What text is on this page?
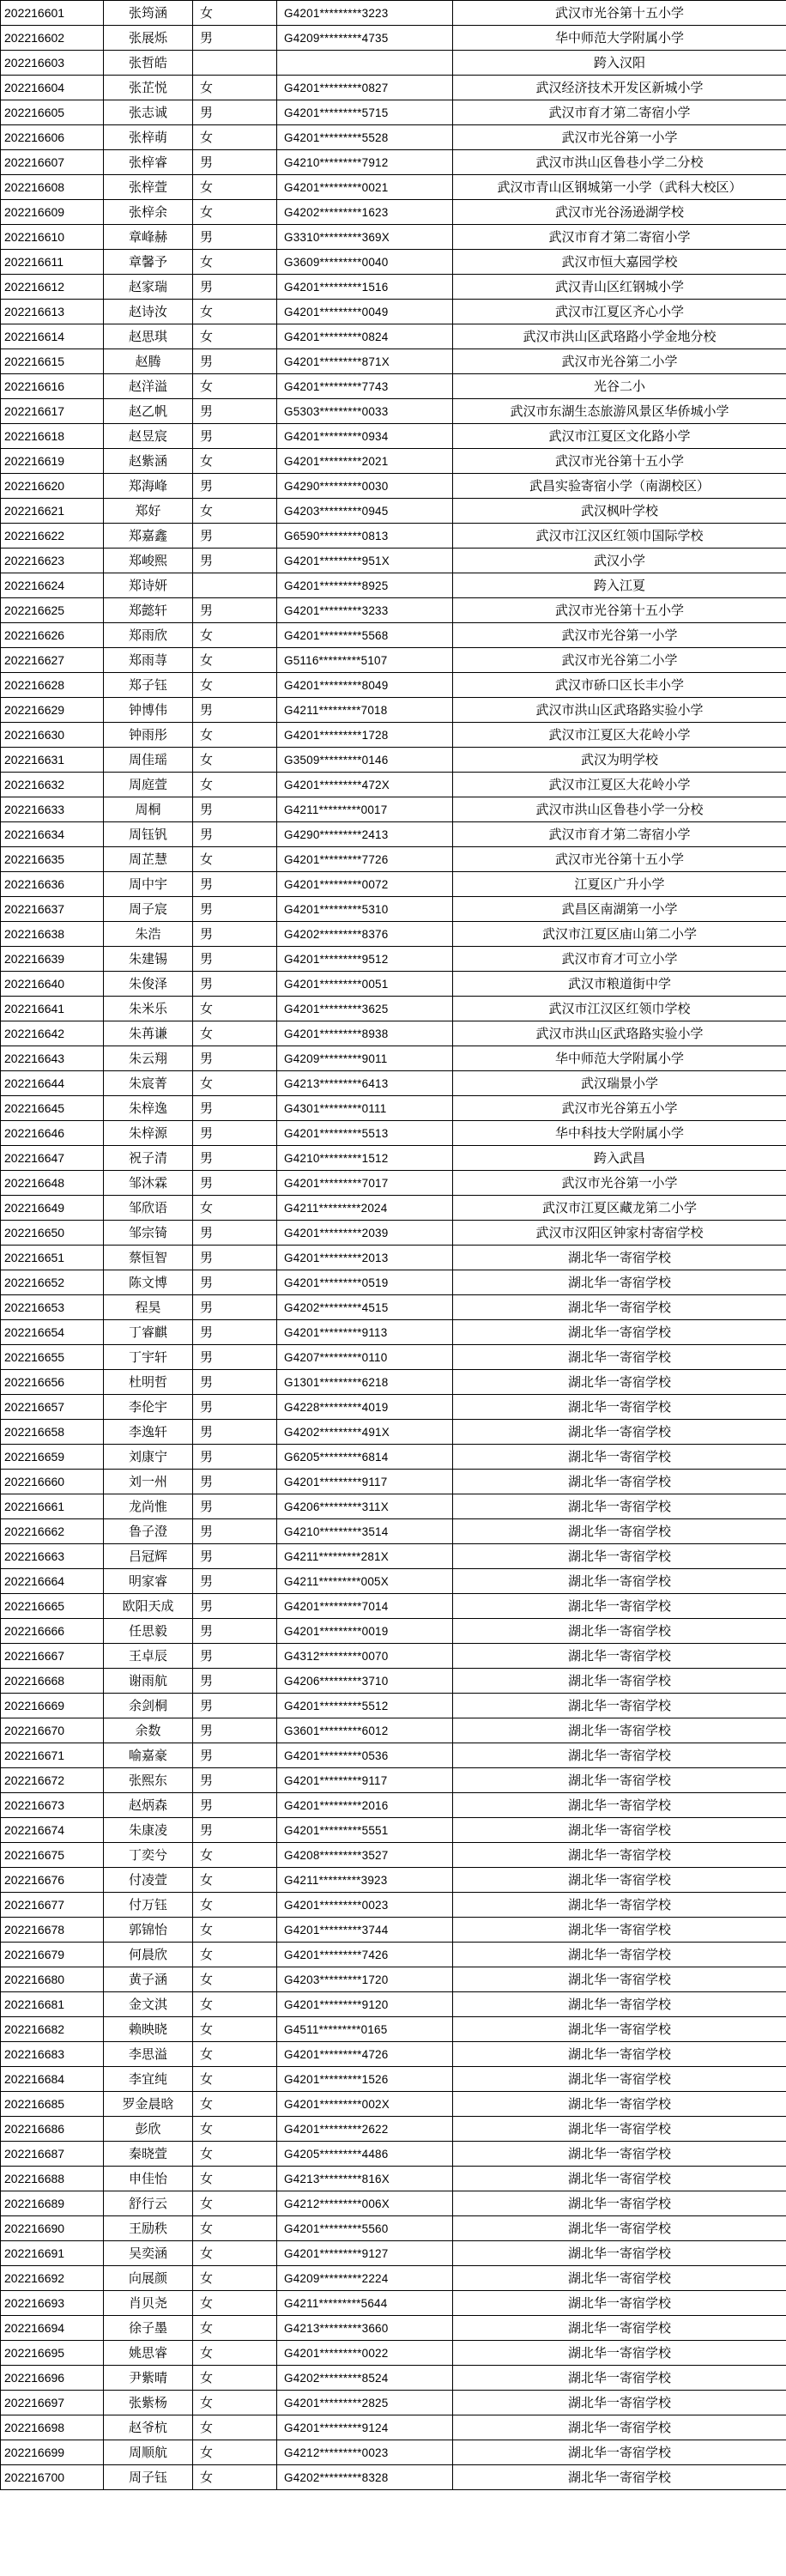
202216601	张筠涵	女	G4201*********3223	武汉市光谷第十五小学
202216602	张展烁	男	G4209*********4735	华中师范大学附属小学
202216603	张哲皓			跨入汉阳
202216604	张芷悦	女	G4201*********0827	武汉经济技术开发区新城小学
202216605	张志诚	男	G4201*********5715	武汉市育才第二寄宿小学
202216606	张梓萌	女	G4201*********5528	武汉市光谷第一小学
202216607	张梓睿	男	G4210*********7912	武汉市洪山区鲁巷小学二分校
202216608	张梓萱	女	G4201*********0021	武汉市青山区钢城第一小学（武科大校区）
202216609	张梓余	女	G4202*********1623	武汉市光谷汤逊湖学校
202216610	章峰赫	男	G3310*********369X	武汉市育才第二寄宿小学
202216611	章馨予	女	G3609*********0040	武汉市恒大嘉园学校
202216612	赵家瑞	男	G4201*********1516	武汉青山区红钢城小学
202216613	赵诗汝	女	G4201*********0049	武汉市江夏区齐心小学
202216614	赵思琪	女	G4201*********0824	武汉市洪山区武珞路小学金地分校
202216615	赵腾	男	G4201*********871X	武汉市光谷第二小学
202216616	赵洋溢	女	G4201*********7743	光谷二小
202216617	赵乙帆	男	G5303*********0033	武汉市东湖生态旅游风景区华侨城小学
202216618	赵昱宸	男	G4201*********0934	武汉市江夏区文化路小学
202216619	赵紫涵	女	G4201*********2021	武汉市光谷第十五小学
202216620	郑海峰	男	G4290*********0030	武昌实验寄宿小学（南湖校区）
202216621	郑好	女	G4203*********0945	武汉枫叶学校
202216622	郑嘉鑫	男	G6590*********0813	武汉市江汉区红领巾国际学校
202216623	郑峻熙	男	G4201*********951X	武汉小学
202216624	郑诗妍		G4201*********8925	跨入江夏
202216625	郑懿轩	男	G4201*********3233	武汉市光谷第十五小学
202216626	郑雨欣	女	G4201*********5568	武汉市光谷第一小学
202216627	郑雨荨	女	G5116*********5107	武汉市光谷第二小学
202216628	郑子钰	女	G4201*********8049	武汉市硚口区长丰小学
202216629	钟博伟	男	G4211*********7018	武汉市洪山区武珞路实验小学
202216630	钟雨彤	女	G4201*********1728	武汉市江夏区大花岭小学
202216631	周佳瑶	女	G3509*********0146	武汉为明学校
202216632	周庭萱	女	G4201*********472X	武汉市江夏区大花岭小学
202216633	周桐	男	G4211*********0017	武汉市洪山区鲁巷小学一分校
202216634	周钰钒	男	G4290*********2413	武汉市育才第二寄宿小学
202216635	周芷慧	女	G4201*********7726	武汉市光谷第十五小学
202216636	周中宇	男	G4201*********0072	江夏区广升小学
202216637	周子宸	男	G4201*********5310	武昌区南湖第一小学
202216638	朱浩	男	G4202*********8376	武汉市江夏区庙山第二小学
202216639	朱建锡	男	G4201*********9512	武汉市育才可立小学
202216640	朱俊泽	男	G4201*********0051	武汉市粮道街中学
202216641	朱米乐	女	G4201*********3625	武汉市江汉区红领巾学校
202216642	朱苒谦	女	G4201*********8938	武汉市洪山区武珞路实验小学
202216643	朱云翔	男	G4209*********9011	华中师范大学附属小学
202216644	朱宸菁	女	G4213*********6413	武汉瑞景小学
202216645	朱梓逸	男	G4301*********0111	武汉市光谷第五小学
202216646	朱梓源	男	G4201*********5513	华中科技大学附属小学
202216647	祝子清	男	G4210*********1512	跨入武昌
202216648	邹沐霖	男	G4201*********7017	武汉市光谷第一小学
202216649	邹欣语	女	G4211*********2024	武汉市江夏区藏龙第二小学
202216650	邹宗锜	男	G4201*********2039	武汉市汉阳区钟家村寄宿学校
202216651	蔡恒智	男	G4201*********2013	湖北华一寄宿学校
202216652	陈文博	男	G4201*********0519	湖北华一寄宿学校
202216653	程昊	男	G4202*********4515	湖北华一寄宿学校
202216654	丁睿麒	男	G4201*********9113	湖北华一寄宿学校
202216655	丁宇轩	男	G4207*********0110	湖北华一寄宿学校
202216656	杜明哲	男	G1301*********6218	湖北华一寄宿学校
202216657	李伦宇	男	G4228*********4019	湖北华一寄宿学校
202216658	李逸轩	男	G4202*********491X	湖北华一寄宿学校
202216659	刘康宁	男	G6205*********6814	湖北华一寄宿学校
202216660	刘一州	男	G4201*********9117	湖北华一寄宿学校
202216661	龙尚惟	男	G4206*********311X	湖北华一寄宿学校
202216662	鲁子澄	男	G4210*********3514	湖北华一寄宿学校
202216663	吕冠辉	男	G4211*********281X	湖北华一寄宿学校
202216664	明家睿	男	G4211*********005X	湖北华一寄宿学校
202216665	欧阳天成	男	G4201*********7014	湖北华一寄宿学校
202216666	任思毅	男	G4201*********0019	湖北华一寄宿学校
202216667	王卓辰	男	G4312*********0070	湖北华一寄宿学校
202216668	谢雨航	男	G4206*********3710	湖北华一寄宿学校
202216669	余剑桐	男	G4201*********5512	湖北华一寄宿学校
202216670	余数	男	G3601*********6012	湖北华一寄宿学校
202216671	喻嘉豪	男	G4201*********0536	湖北华一寄宿学校
202216672	张熙东	男	G4201*********9117	湖北华一寄宿学校
202216673	赵炳森	男	G4201*********2016	湖北华一寄宿学校
202216674	朱康凌	男	G4201*********5551	湖北华一寄宿学校
202216675	丁奕兮	女	G4208*********3527	湖北华一寄宿学校
202216676	付凌萱	女	G4211*********3923	湖北华一寄宿学校
202216677	付万钰	女	G4201*********0023	湖北华一寄宿学校
202216678	郭锦怡	女	G4201*********3744	湖北华一寄宿学校
202216679	何晨欣	女	G4201*********7426	湖北华一寄宿学校
202216680	黄子涵	女	G4203*********1720	湖北华一寄宿学校
202216681	金文淇	女	G4201*********9120	湖北华一寄宿学校
202216682	赖映晓	女	G4511*********0165	湖北华一寄宿学校
202216683	李思溢	女	G4201*********4726	湖北华一寄宿学校
202216684	李宜纯	女	G4201*********1526	湖北华一寄宿学校
202216685	罗金晨晗	女	G4201*********002X	湖北华一寄宿学校
202216686	彭欣	女	G4201*********2622	湖北华一寄宿学校
202216687	秦晓萱	女	G4205*********4486	湖北华一寄宿学校
202216688	申佳怡	女	G4213*********816X	湖北华一寄宿学校
202216689	舒行云	女	G4212*********006X	湖北华一寄宿学校
202216690	王励秩	女	G4201*********5560	湖北华一寄宿学校
202216691	吴奕涵	女	G4201*********9127	湖北华一寄宿学校
202216692	向展颜	女	G4209*********2224	湖北华一寄宿学校
202216693	肖贝尧	女	G4211*********5644	湖北华一寄宿学校
202216694	徐子墨	女	G4213*********3660	湖北华一寄宿学校
202216695	姚思睿	女	G4201*********0022	湖北华一寄宿学校
202216696	尹紫晴	女	G4202*********8524	湖北华一寄宿学校
202216697	张紫杨	女	G4201*********2825	湖北华一寄宿学校
202216698	赵爷杭	女	G4201*********9124	湖北华一寄宿学校
202216699	周顺航	女	G4212*********0023	湖北华一寄宿学校
202216700	周子钰	女	G4202*********8328	湖北华一寄宿学校
